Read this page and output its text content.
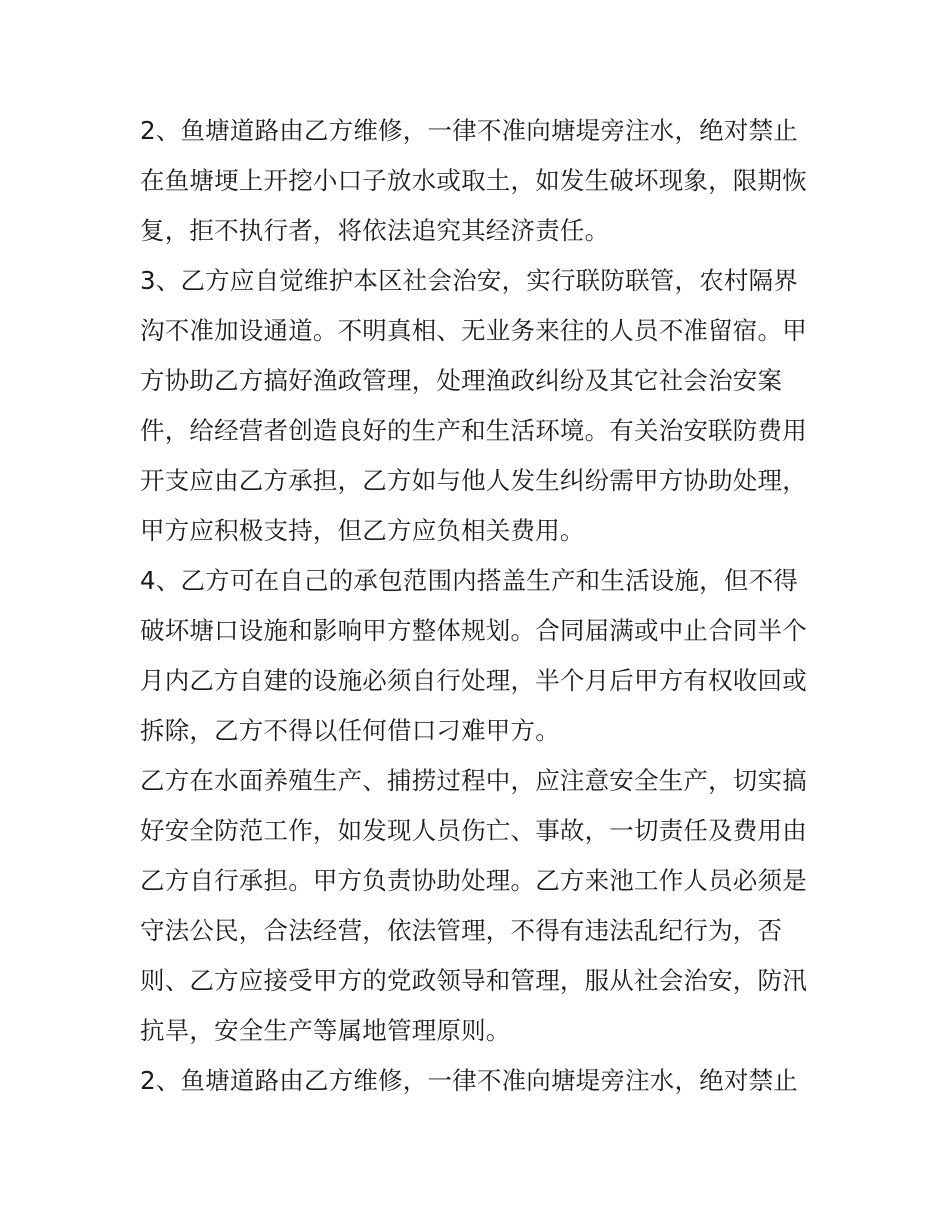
2、鱼塘道路由乙方维修，一律不准向塘堤旁注水，绝对禁止
在鱼塘埂上开挖小口子放水或取土，如发生破坏现象，限期恢
复，拒不执行者，将依法追究其经济责任。
3、乙方应自觉维护本区社会治安，实行联防联管，农村隔界
沟不准加设通道。不明真相、无业务来往的人员不准留宿。甲
方协助乙方搞好渔政管理，处理渔政纠纷及其它社会治安案
件，给经营者创造良好的生产和生活环境。有关治安联防费用
开支应由乙方承担，乙方如与他人发生纠纷需甲方协助处理，
甲方应积极支持，但乙方应负相关费用。
4、乙方可在自己的承包范围内搭盖生产和生活设施，但不得
破坏塘口设施和影响甲方整体规划。合同届满或中止合同半个
月内乙方自建的设施必须自行处理，半个月后甲方有权收回或
拆除，乙方不得以任何借口刁难甲方。
乙方在水面养殖生产、捕捞过程中，应注意安全生产，切实搞
好安全防范工作，如发现人员伤亡、事故，一切责任及费用由
乙方自行承担。甲方负责协助处理。乙方来池工作人员必须是
守法公民，合法经营，依法管理，不得有违法乱纪行为，否
则、乙方应接受甲方的党政领导和管理，服从社会治安，防汛
抗旱，安全生产等属地管理原则。
2、鱼塘道路由乙方维修，一律不准向塘堤旁注水，绝对禁止
